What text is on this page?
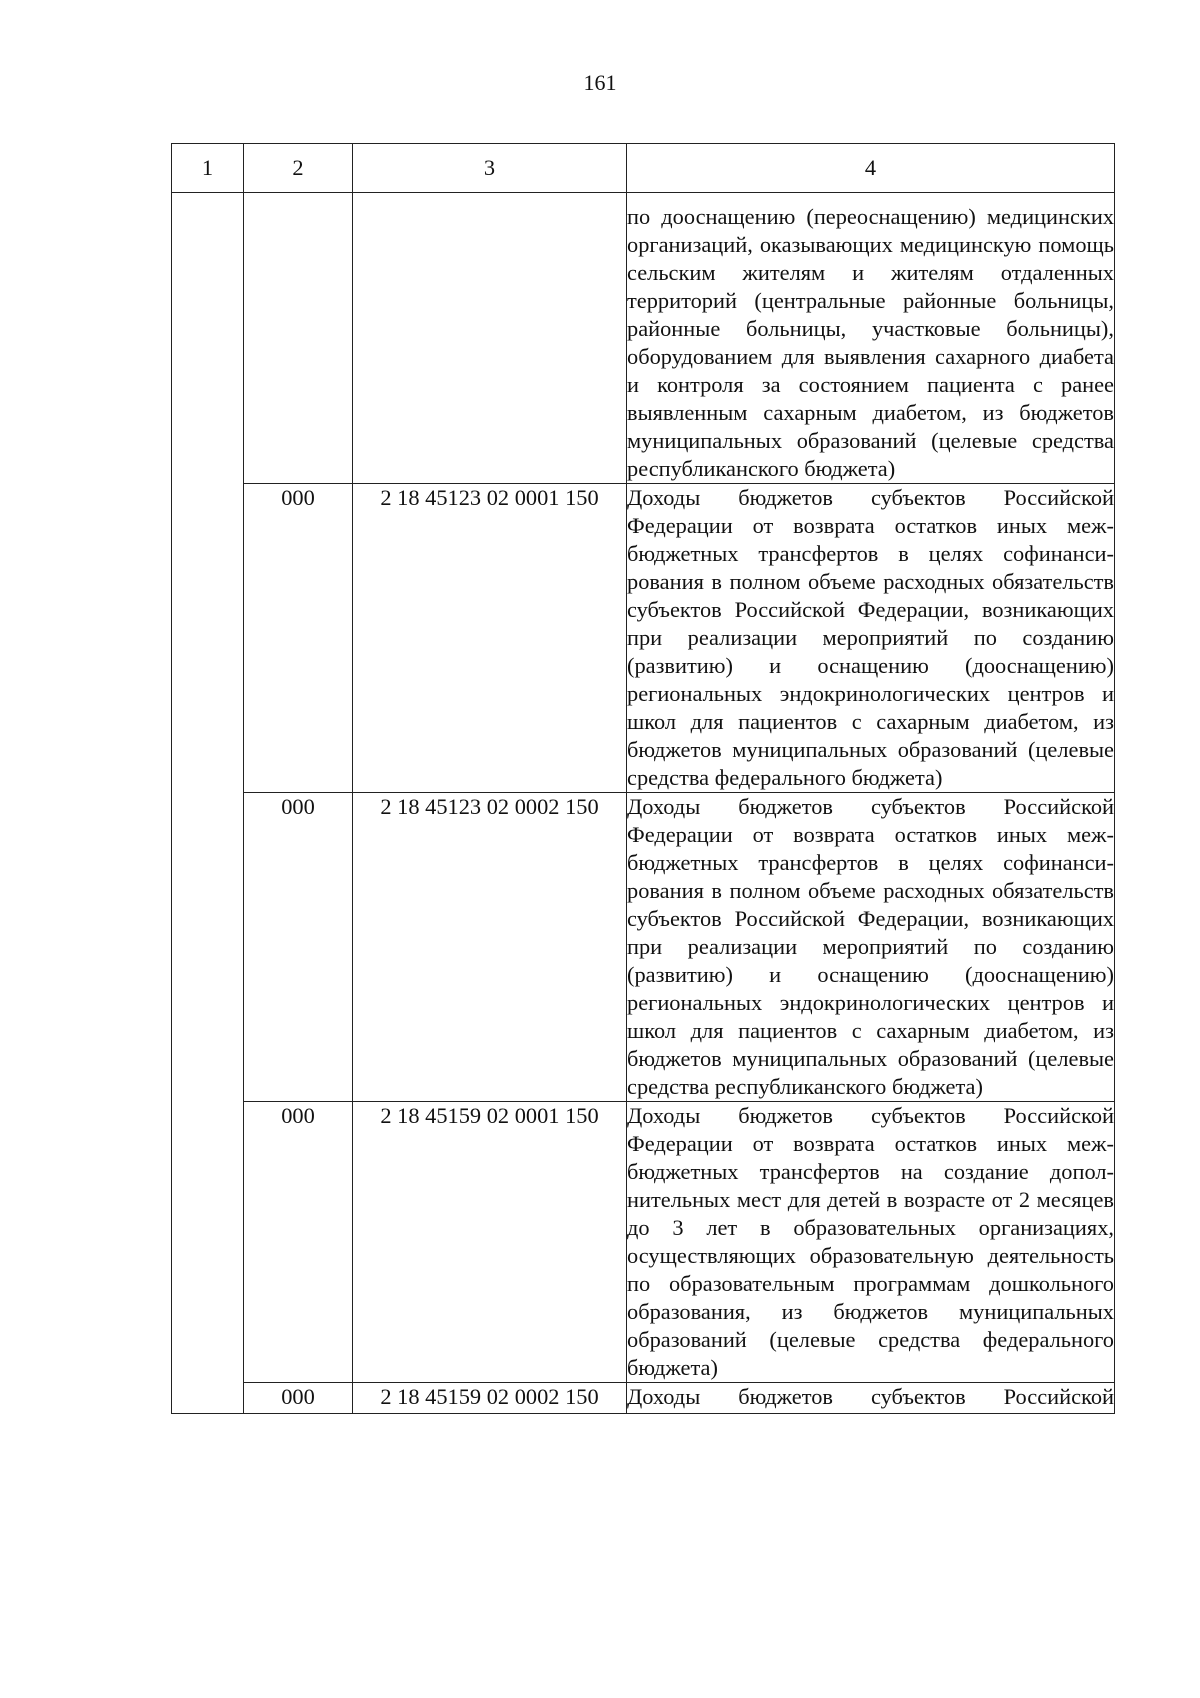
161
1	2	3	4
			по дооснащению (переоснащению) медицинских организаций, оказывающих медицинскую помощь сельским жителям и жителям отдаленных территорий (центральные районные больницы, районные больницы, участковые больницы), оборудованием для выявления сахарного диабета и контроля за состоянием пациента с ранее выявленным сахарным диабетом, из бюджетов муниципальных образований (целевые средства республиканского бюджета)
	000	2 18 45123 02 0001 150	Доходы бюджетов субъектов Российской Федерации от возврата остатков иных межбюджетных трансфертов в целях софинансирования в полном объеме расходных обязательств субъектов Российской Федерации, возникающих при реализации мероприятий по созданию (развитию) и оснащению (дооснащению) региональных эндокринологических центров и школ для пациентов с сахарным диабетом, из бюджетов муниципальных образований (целевые средства федерального бюджета)
	000	2 18 45123 02 0002 150	Доходы бюджетов субъектов Российской Федерации от возврата остатков иных межбюджетных трансфертов в целях софинансирования в полном объеме расходных обязательств субъектов Российской Федерации, возникающих при реализации мероприятий по созданию (развитию) и оснащению (дооснащению) региональных эндокринологических центров и школ для пациентов с сахарным диабетом, из бюджетов муниципальных образований (целевые средства республиканского бюджета)
	000	2 18 45159 02 0001 150	Доходы бюджетов субъектов Российской Федерации от возврата остатков иных межбюджетных трансфертов на создание дополнительных мест для детей в возрасте от 2 месяцев до 3 лет в образовательных организациях, осуществляющих образовательную деятельность по образовательным программам дошкольного образования, из бюджетов муниципальных образований (целевые средства федерального бюджета)
	000	2 18 45159 02 0002 150	Доходы бюджетов субъектов Российской
